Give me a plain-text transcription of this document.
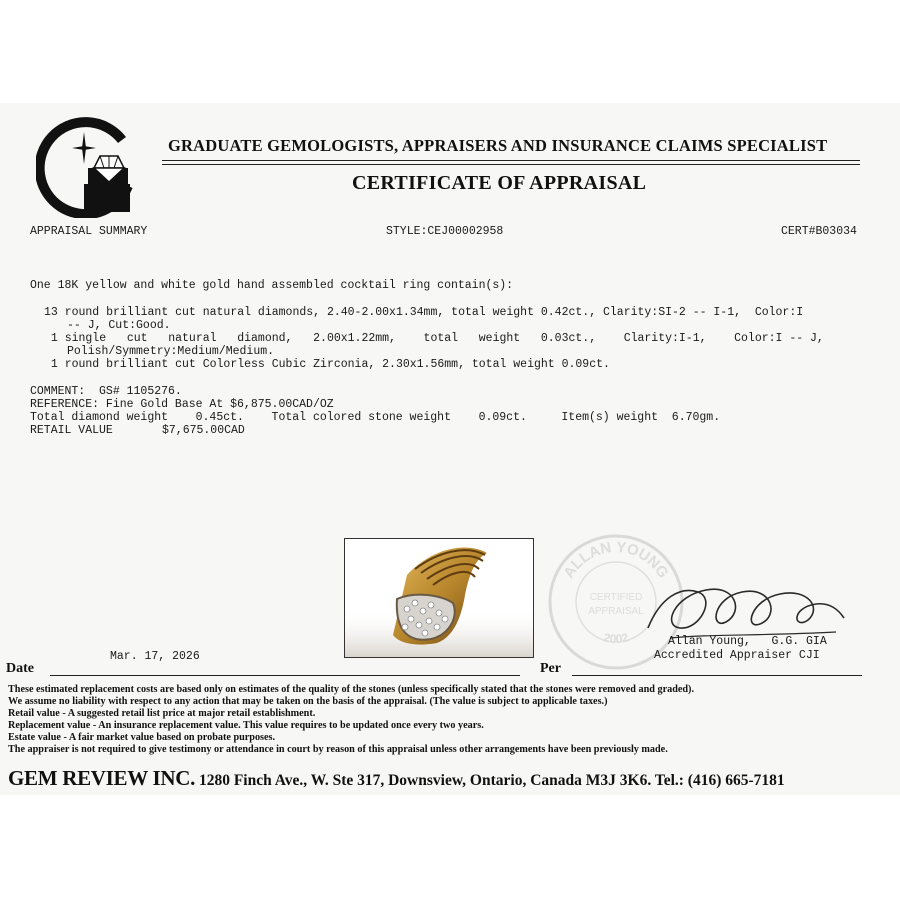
GRADUATE GEMOLOGISTS, APPRAISERS AND INSURANCE CLAIMS SPECIALIST
CERTIFICATE OF APPRAISAL
APPRAISAL SUMMARY	STYLE:CEJ00002958	CERT#B03034
One 18K yellow and white gold hand assembled cocktail ring contain(s):
13 round brilliant cut natural diamonds, 2.40-2.00x1.34mm, total weight 0.42ct., Clarity:SI-2 -- I-1,  Color:I
-- J, Cut:Good.
1 single   cut   natural   diamond,   2.00x1.22mm,    total   weight   0.03ct.,    Clarity:I-1,    Color:I -- J,
Polish/Symmetry:Medium/Medium.
1 round brilliant cut Colorless Cubic Zirconia, 2.30x1.56mm, total weight 0.09ct.
COMMENT:  GS# 1105276.
REFERENCE: Fine Gold Base At $6,875.00CAD/OZ
Total diamond weight    0.45ct.    Total colored stone weight    0.09ct.     Item(s) weight  6.70gm.
RETAIL VALUE	$7,675.00CAD
ALLAN YOUNG
CERTIFIED
APPRAISAL
2002	Allan Young,   G.G. GIA
Accredited Appraiser CJI
Date
Mar. 17, 2026
Per
These estimated replacement costs are based only on estimates of the quality of the stones (unless specifically stated that the stones were removed and graded).
We assume no liability with respect to any action that may be taken on the basis of the appraisal. (The value is subject to applicable taxes.)
Retail value - A suggested retail list price at major retail establishment.
Replacement value - An insurance replacement value. This value requires to be updated once every two years.
Estate value - A fair market value based on probate purposes.
The appraiser is not required to give testimony or attendance in court by reason of this appraisal unless other arrangements have been previously made.
GEM REVIEW INC. 1280 Finch Ave., W. Ste 317, Downsview, Ontario, Canada M3J 3K6. Tel.: (416) 665-7181
